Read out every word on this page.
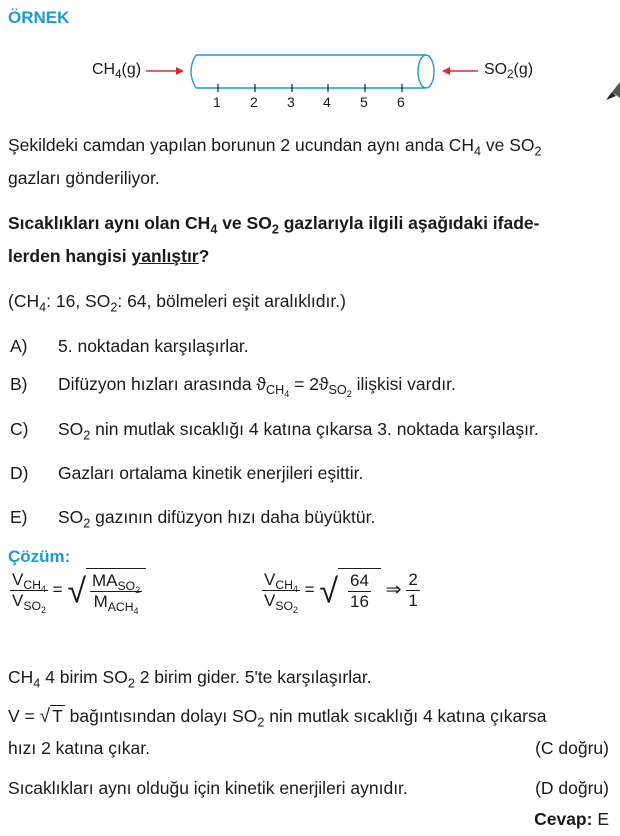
ÖRNEK
$CH_4(g)$	$SO_2(g)$
1 2 3 4 5 6
Şekildeki camdan yapılan borunun 2 ucundan aynı anda $CH_4$ ve $SO_2$
gazları gönderiliyor.
Sıcaklıkları aynı olan $CH_4$ ve $SO_2$ gazlarıyla ilgili aşağıdaki ifade-
lerden hangisi yanlıştır?
($CH_4$: 16, $SO_2$: 64, bölmeleri eşit aralıklıdır.)
A) 5. noktadan karşılaşırlar.
B) Difüzyon hızları arasında $ϑ_{CH_4} = 2ϑ_{SO_2}$ ilişkisi vardır.
C) $SO_2$ nin mutlak sıcaklığı 4 katına çıkarsa 3. noktada karşılaşır.
D) Gazları ortalama kinetik enerjileri eşittir.
E) $SO_2$ gazının difüzyon hızı daha büyüktür.
Çözüm:
$\frac{V_{CH_4}}{V_{SO_2}}$ = √ $\frac{MA_{SO_2}}{M_{ACH_4}}$	$\frac{V_{CH_4}}{V_{SO_2}}$ = √ $\frac{64}{16}$ ⇒ $\frac{2}{1}$
$CH_4$ 4 birim $SO_2$ 2 birim gider. 5'te karşılaşırlar.
V = √ T bağıntısından dolayı $SO_2$ nin mutlak sıcaklığı 4 katına çıkarsa
hızı 2 katına çıkar.	(C doğru)
Sıcaklıkları aynı olduğu için kinetik enerjileri aynıdır.	(D doğru)
Cevap: E
